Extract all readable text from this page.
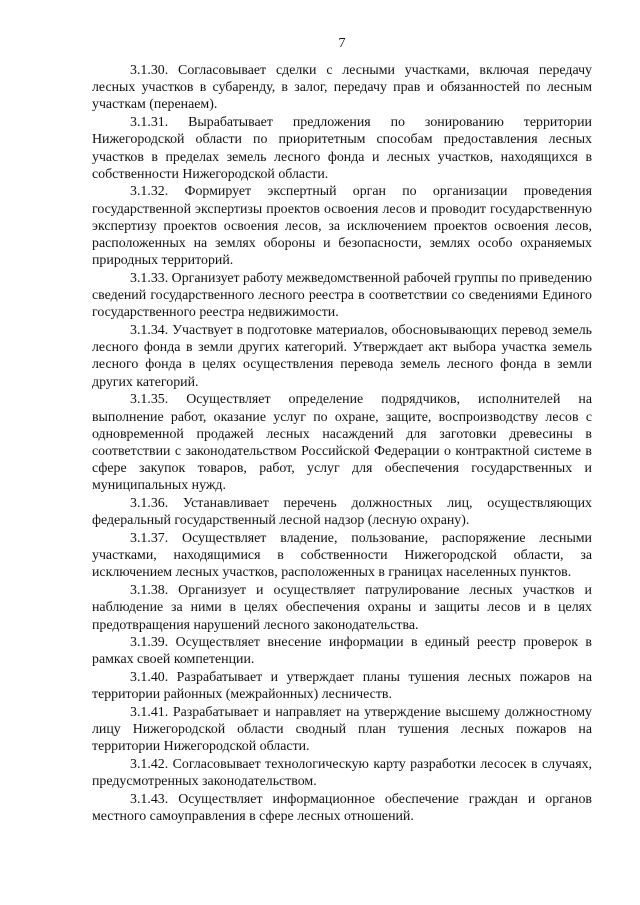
7

3.1.30. Согласовывает сделки с лесными участками, включая передачу лесных участков в субаренду, в залог, передачу прав и обязанностей по лесным участкам (перенаем).

3.1.31. Вырабатывает предложения по зонированию территории Нижегородской области по приоритетным способам предоставления лесных участков в пределах земель лесного фонда и лесных участков, находящихся в собственности Нижегородской области.

3.1.32. Формирует экспертный орган по организации проведения государственной экспертизы проектов освоения лесов и проводит государственную экспертизу проектов освоения лесов, за исключением проектов освоения лесов, расположенных на землях обороны и безопасности, землях особо охраняемых природных территорий.

3.1.33. Организует работу межведомственной рабочей группы по приведению сведений государственного лесного реестра в соответствии со сведениями Единого государственного реестра недвижимости.

3.1.34. Участвует в подготовке материалов, обосновывающих перевод земель лесного фонда в земли других категорий. Утверждает акт выбора участка земель лесного фонда в целях осуществления перевода земель лесного фонда в земли других категорий.

3.1.35. Осуществляет определение подрядчиков, исполнителей на выполнение работ, оказание услуг по охране, защите, воспроизводству лесов с одновременной продажей лесных насаждений для заготовки древесины в соответствии с законодательством Российской Федерации о контрактной системе в сфере закупок товаров, работ, услуг для обеспечения государственных и муниципальных нужд.

3.1.36. Устанавливает перечень должностных лиц, осуществляющих федеральный государственный лесной надзор (лесную охрану).

3.1.37. Осуществляет владение, пользование, распоряжение лесными участками, находящимися в собственности Нижегородской области, за исключением лесных участков, расположенных в границах населенных пунктов.

3.1.38. Организует и осуществляет патрулирование лесных участков и наблюдение за ними в целях обеспечения охраны и защиты лесов и в целях предотвращения нарушений лесного законодательства.

3.1.39. Осуществляет внесение информации в единый реестр проверок в рамках своей компетенции.

3.1.40. Разрабатывает и утверждает планы тушения лесных пожаров на территории районных (межрайонных) лесничеств.

3.1.41. Разрабатывает и направляет на утверждение высшему должностному лицу Нижегородской области сводный план тушения лесных пожаров на территории Нижегородской области.

3.1.42. Согласовывает технологическую карту разработки лесосек в случаях, предусмотренных законодательством.

3.1.43. Осуществляет информационное обеспечение граждан и органов местного самоуправления в сфере лесных отношений.
